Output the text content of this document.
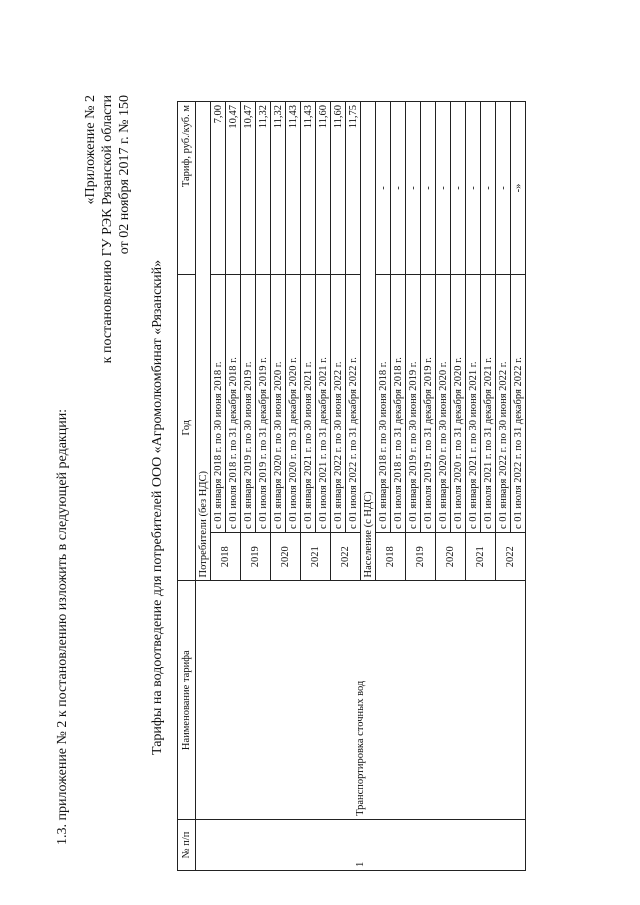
1.3. приложение № 2 к постановлению изложить в следующей редакции:
«Приложение № 2 к постановлению ГУ РЭК Рязанской области от 02 ноября 2017 г. № 150
Тарифы на водоотведение для потребителей ООО «Агромолкомбинат «Рязанский»
№ п/п	Наименование тарифа	Год		Тариф, руб./куб. м
1	Транспортировка сточных вод	Потребители (без НДС)		
		2018	с 01 января 2018 г. по 30 июня 2018 г.	7,00
			с 01 июля 2018 г. по 31 декабря 2018 г.	10,47
		2019	с 01 января 2019 г. по 30 июня 2019 г.	10,47
			с 01 июля 2019 г. по 31 декабря 2019 г.	11,32
		2020	с 01 января 2020 г. по 30 июня 2020 г.	11,32
			с 01 июля 2020 г. по 31 декабря 2020 г.	11,43
		2021	с 01 января 2021 г. по 30 июня 2021 г.	11,43
			с 01 июля 2021 г. по 31 декабря 2021 г.	11,60
		2022	с 01 января 2022 г. по 30 июня 2022 г.	11,60
			с 01 июля 2022 г. по 31 декабря 2022 г.	11,75
		Население (с НДС)		
		2018	с 01 января 2018 г. по 30 июня 2018 г.	-
			с 01 июля 2018 г. по 31 декабря 2018 г.	-
		2019	с 01 января 2019 г. по 30 июня 2019 г.	-
			с 01 июля 2019 г. по 31 декабря 2019 г.	-
		2020	с 01 января 2020 г. по 30 июня 2020 г.	-
			с 01 июля 2020 г. по 31 декабря 2020 г.	-
		2021	с 01 января 2021 г. по 30 июня 2021 г.	-
			с 01 июля 2021 г. по 31 декабря 2021 г.	-
		2022	с 01 января 2022 г. по 30 июня 2022 г.	-
			с 01 июля 2022 г. по 31 декабря 2022 г.	-»
